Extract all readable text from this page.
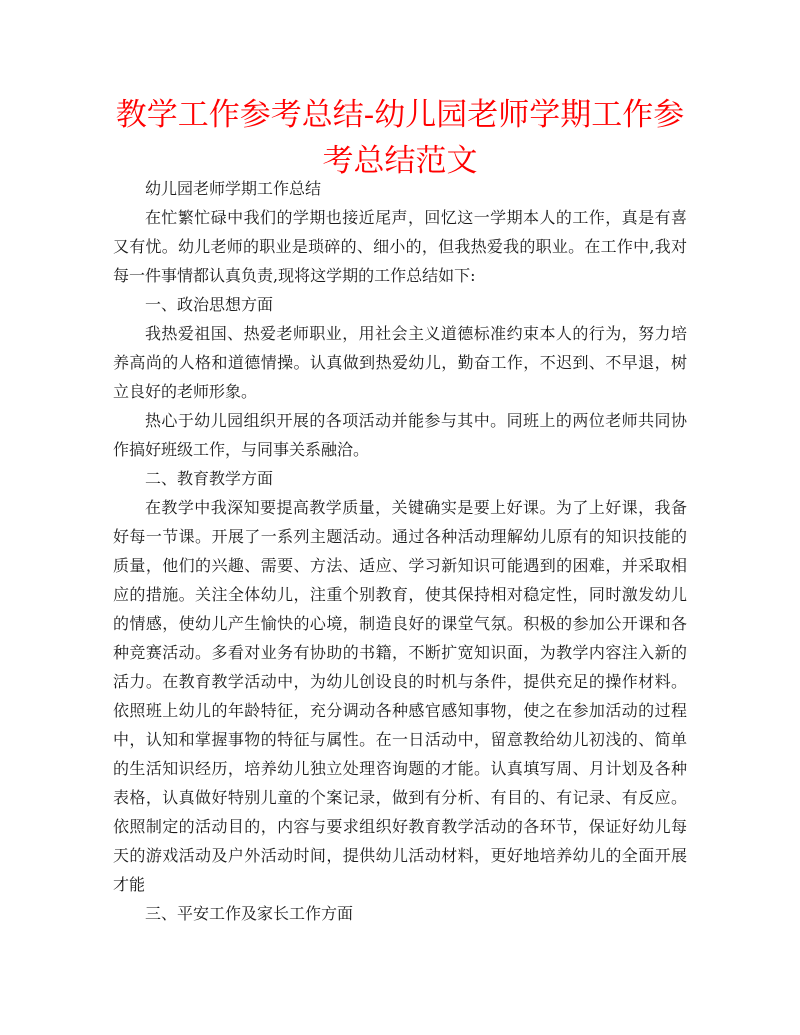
教学工作参考总结-幼儿园老师学期工作参考总结范文

幼儿园老师学期工作总结

在忙繁忙碌中我们的学期也接近尾声，回忆这一学期本人的工作，真是有喜又有忧。幼儿老师的职业是琐碎的、细小的，但我热爱我的职业。在工作中,我对每一件事情都认真负责,现将这学期的工作总结如下:

一、政治思想方面

我热爱祖国、热爱老师职业，用社会主义道德标准约束本人的行为，努力培养高尚的人格和道德情操。认真做到热爱幼儿，勤奋工作，不迟到、不早退，树立良好的老师形象。

热心于幼儿园组织开展的各项活动并能参与其中。同班上的两位老师共同协作搞好班级工作，与同事关系融洽。

二、教育教学方面

在教学中我深知要提高教学质量，关键确实是要上好课。为了上好课，我备好每一节课。开展了一系列主题活动。通过各种活动理解幼儿原有的知识技能的质量，他们的兴趣、需要、方法、适应、学习新知识可能遇到的困难，并采取相应的措施。关注全体幼儿，注重个别教育，使其保持相对稳定性，同时激发幼儿的情感，使幼儿产生愉快的心境，制造良好的课堂气氛。积极的参加公开课和各种竞赛活动。多看对业务有协助的书籍，不断扩宽知识面，为教学内容注入新的活力。在教育教学活动中，为幼儿创设良的时机与条件，提供充足的操作材料。依照班上幼儿的年龄特征，充分调动各种感官感知事物，使之在参加活动的过程中，认知和掌握事物的特征与属性。在一日活动中，留意教给幼儿初浅的、简单的生活知识经历，培养幼儿独立处理咨询题的才能。认真填写周、月计划及各种表格，认真做好特别儿童的个案记录，做到有分析、有目的、有记录、有反应。依照制定的活动目的，内容与要求组织好教育教学活动的各环节，保证好幼儿每天的游戏活动及户外活动时间，提供幼儿活动材料，更好地培养幼儿的全面开展才能

三、平安工作及家长工作方面
